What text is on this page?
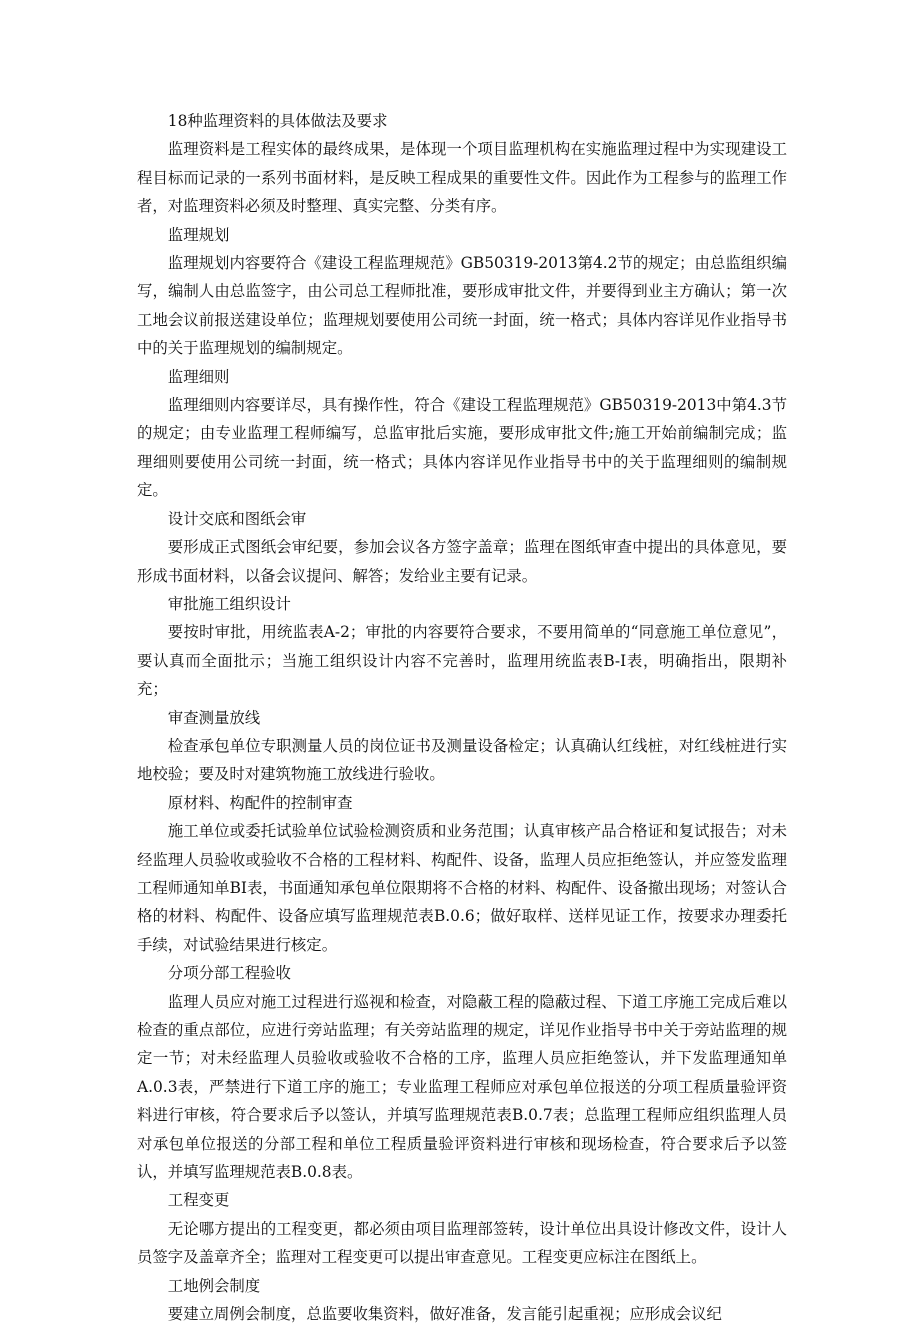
18种监理资料的具体做法及要求

监理资料是工程实体的最终成果，是体现一个项目监理机构在实施监理过程中为实现建设工程目标而记录的一系列书面材料，是反映工程成果的重要性文件。因此作为工程参与的监理工作者，对监理资料必须及时整理、真实完整、分类有序。

监理规划

监理规划内容要符合《建设工程监理规范》GB50319-2013第4.2节的规定；由总监组织编写，编制人由总监签字，由公司总工程师批准，要形成审批文件，并要得到业主方确认；第一次工地会议前报送建设单位；监理规划要使用公司统一封面，统一格式；具体内容详见作业指导书中的关于监理规划的编制规定。

监理细则

监理细则内容要详尽，具有操作性，符合《建设工程监理规范》GB50319-2013中第4.3节的规定；由专业监理工程师编写，总监审批后实施，要形成审批文件;施工开始前编制完成；监理细则要使用公司统一封面，统一格式；具体内容详见作业指导书中的关于监理细则的编制规定。

设计交底和图纸会审

要形成正式图纸会审纪要，参加会议各方签字盖章；监理在图纸审查中提出的具体意见，要形成书面材料，以备会议提问、解答；发给业主要有记录。

审批施工组织设计

要按时审批，用统监表A-2；审批的内容要符合要求，不要用简单的“同意施工单位意见”，要认真而全面批示；当施工组织设计内容不完善时，监理用统监表B-I表，明确指出，限期补充；

审查测量放线

检查承包单位专职测量人员的岗位证书及测量设备检定；认真确认红线桩，对红线桩进行实地校验；要及时对建筑物施工放线进行验收。

原材料、构配件的控制审查

施工单位或委托试验单位试验检测资质和业务范围；认真审核产品合格证和复试报告；对未经监理人员验收或验收不合格的工程材料、构配件、设备，监理人员应拒绝签认，并应签发监理工程师通知单BI表，书面通知承包单位限期将不合格的材料、构配件、设备撤出现场；对签认合格的材料、构配件、设备应填写监理规范表B.0.6；做好取样、送样见证工作，按要求办理委托手续，对试验结果进行核定。

分项分部工程验收

监理人员应对施工过程进行巡视和检查，对隐蔽工程的隐蔽过程、下道工序施工完成后难以检查的重点部位，应进行旁站监理；有关旁站监理的规定，详见作业指导书中关于旁站监理的规定一节；对未经监理人员验收或验收不合格的工序，监理人员应拒绝签认，并下发监理通知单A.0.3表，严禁进行下道工序的施工；专业监理工程师应对承包单位报送的分项工程质量验评资料进行审核，符合要求后予以签认，并填写监理规范表B.0.7表；总监理工程师应组织监理人员对承包单位报送的分部工程和单位工程质量验评资料进行审核和现场检查，符合要求后予以签认，并填写监理规范表B.0.8表。

工程变更

无论哪方提出的工程变更，都必须由项目监理部签转，设计单位出具设计修改文件，设计人员签字及盖章齐全；监理对工程变更可以提出审查意见。工程变更应标注在图纸上。

工地例会制度

要建立周例会制度，总监要收集资料，做好准备，发言能引起重视；应形成会议纪
